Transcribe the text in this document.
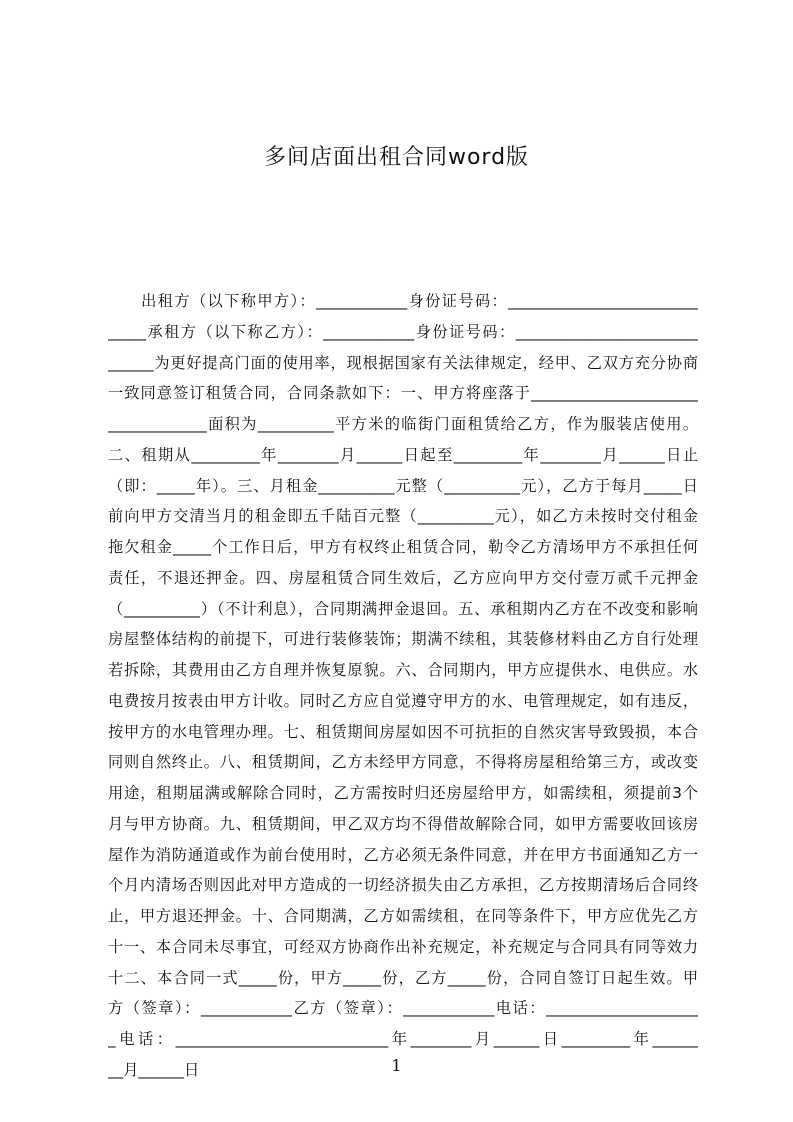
多间店面出租合同word版
　　出租方（以下称甲方）：____________身份证号码：_________________________
_____承租方（以下称乙方）：____________身份证号码：________________________
______为更好提高门面的使用率，现根据国家有关法律规定，经甲、乙双方充分协商
一致同意签订租赁合同，合同条款如下：一、甲方将座落于______________________
_____________面积为__________平方米的临街门面租赁给乙方，作为服装店使用。
二、租期从_________年________月______日起至_________年________月______日止
（即：_____年）。三、月租金__________元整（__________元），乙方于每月_____日
前向甲方交清当月的租金即五千陆百元整（__________元），如乙方未按时交付租金
拖欠租金_____个工作日后，甲方有权终止租赁合同，勒令乙方清场甲方不承担任何
责任，不退还押金。四、房屋租赁合同生效后，乙方应向甲方交付壹万贰千元押金
（__________）（不计利息），合同期满押金退回。五、承租期内乙方在不改变和影响
房屋整体结构的前提下，可进行装修装饰；期满不续租，其装修材料由乙方自行处理
若拆除，其费用由乙方自理并恢复原貌。六、合同期内，甲方应提供水、电供应。水
电费按月按表由甲方计收。同时乙方应自觉遵守甲方的水、电管理规定，如有违反，
按甲方的水电管理办理。七、租赁期间房屋如因不可抗拒的自然灾害导致毁损，本合
同则自然终止。八、租赁期间，乙方未经甲方同意，不得将房屋租给第三方，或改变
用途，租期届满或解除合同时，乙方需按时归还房屋给甲方，如需续租，须提前3个
月与甲方协商。九、租赁期间，甲乙双方均不得借故解除合同，如甲方需要收回该房
屋作为消防通道或作为前台使用时，乙方必须无条件同意，并在甲方书面通知乙方一
个月内清场否则因此对甲方造成的一切经济损失由乙方承担，乙方按期清场后合同终
止，甲方退还押金。十、合同期满，乙方如需续租，在同等条件下，甲方应优先乙方
十一、本合同未尽事宜，可经双方协商作出补充规定，补充规定与合同具有同等效力
十二、本合同一式_____份，甲方_____份，乙方_____份，合同自签订日起生效。甲
方（签章）：____________乙方（签章）：____________电话：____________________
_电话：____________________________年________月______日_________年______
__月______日	1
